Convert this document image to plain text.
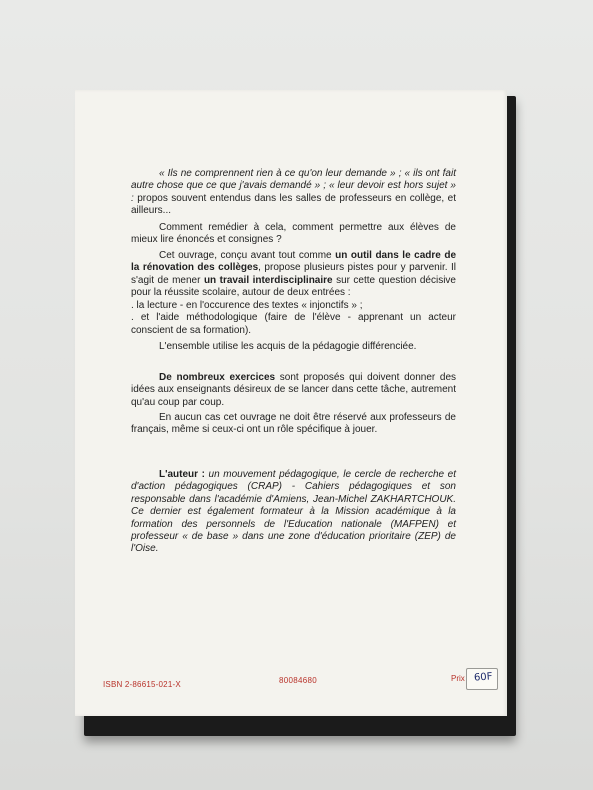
« Ils ne comprennent rien à ce qu'on leur demande » ; « ils ont fait autre chose que ce que j'avais demandé » ; « leur devoir est hors sujet » : propos souvent entendus dans les salles de professeurs en collège, et ailleurs...
Comment remédier à cela, comment permettre aux élèves de mieux lire énoncés et consignes ?
Cet ouvrage, conçu avant tout comme un outil dans le cadre de la rénovation des collèges, propose plusieurs pistes pour y parvenir. Il s'agit de mener un travail interdisciplinaire sur cette question décisive pour la réussite scolaire, autour de deux entrées :
. la lecture - en l'occurence des textes « injonctifs » ;
. et l'aide méthodologique (faire de l'élève - apprenant un acteur conscient de sa formation).
L'ensemble utilise les acquis de la pédagogie différenciée.
De nombreux exercices sont proposés qui doivent donner des idées aux enseignants désireux de se lancer dans cette tâche, autrement qu'au coup par coup.
En aucun cas cet ouvrage ne doit être réservé aux professeurs de français, même si ceux-ci ont un rôle spécifique à jouer.
L'auteur : un mouvement pédagogique, le cercle de recherche et d'action pédagogiques (CRAP) - Cahiers pédagogiques et son responsable dans l'académie d'Amiens, Jean-Michel ZAKHARTCHOUK. Ce dernier est également formateur à la Mission académique à la formation des personnels de l'Education nationale (MAFPEN) et professeur « de base » dans une zone d'éducation prioritaire (ZEP) de l'Oise.
ISBN 2-86615-021-X	80084680	Prix 60F
